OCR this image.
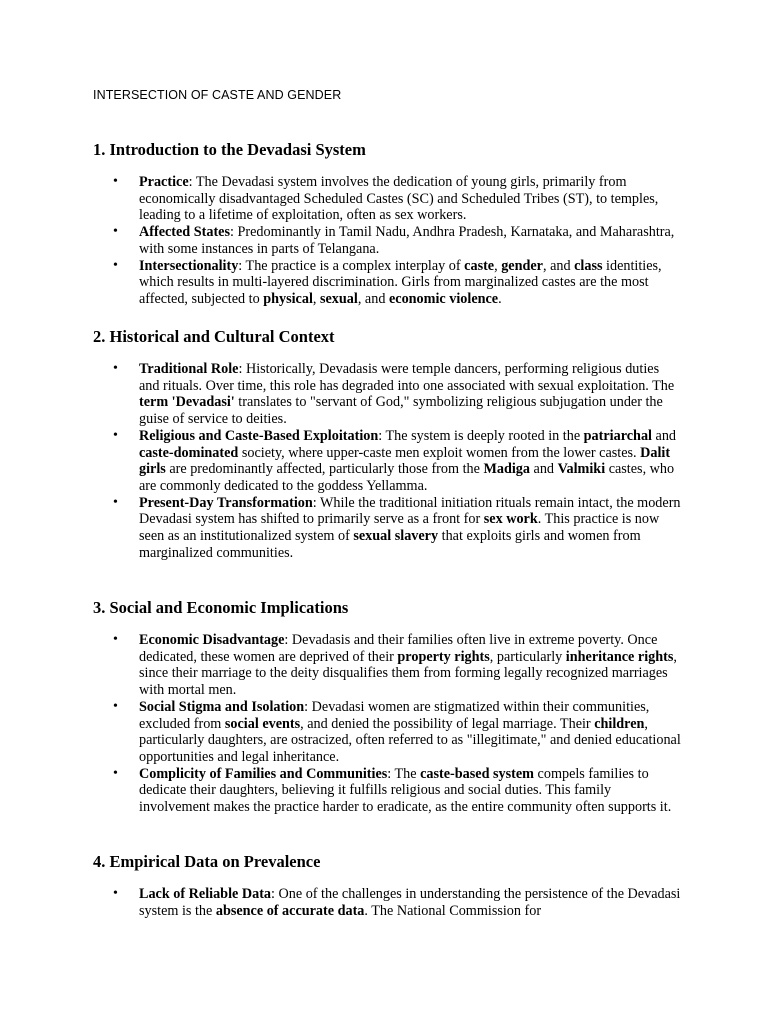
INTERSECTION OF CASTE AND GENDER
1. Introduction to the Devadasi System
• Practice: The Devadasi system involves the dedication of young girls, primarily from economically disadvantaged Scheduled Castes (SC) and Scheduled Tribes (ST), to temples, leading to a lifetime of exploitation, often as sex workers.
• Affected States: Predominantly in Tamil Nadu, Andhra Pradesh, Karnataka, and Maharashtra, with some instances in parts of Telangana.
• Intersectionality: The practice is a complex interplay of caste, gender, and class identities, which results in multi-layered discrimination. Girls from marginalized castes are the most affected, subjected to physical, sexual, and economic violence.
2. Historical and Cultural Context
• Traditional Role: Historically, Devadasis were temple dancers, performing religious duties and rituals. Over time, this role has degraded into one associated with sexual exploitation. The term 'Devadasi' translates to "servant of God," symbolizing religious subjugation under the guise of service to deities.
• Religious and Caste-Based Exploitation: The system is deeply rooted in the patriarchal and caste-dominated society, where upper-caste men exploit women from the lower castes. Dalit girls are predominantly affected, particularly those from the Madiga and Valmiki castes, who are commonly dedicated to the goddess Yellamma.
• Present-Day Transformation: While the traditional initiation rituals remain intact, the modern Devadasi system has shifted to primarily serve as a front for sex work. This practice is now seen as an institutionalized system of sexual slavery that exploits girls and women from marginalized communities.
3. Social and Economic Implications
• Economic Disadvantage: Devadasis and their families often live in extreme poverty. Once dedicated, these women are deprived of their property rights, particularly inheritance rights, since their marriage to the deity disqualifies them from forming legally recognized marriages with mortal men.
• Social Stigma and Isolation: Devadasi women are stigmatized within their communities, excluded from social events, and denied the possibility of legal marriage. Their children, particularly daughters, are ostracized, often referred to as "illegitimate," and denied educational opportunities and legal inheritance.
• Complicity of Families and Communities: The caste-based system compels families to dedicate their daughters, believing it fulfills religious and social duties. This family involvement makes the practice harder to eradicate, as the entire community often supports it.
4. Empirical Data on Prevalence
• Lack of Reliable Data: One of the challenges in understanding the persistence of the Devadasi system is the absence of accurate data. The National Commission for
